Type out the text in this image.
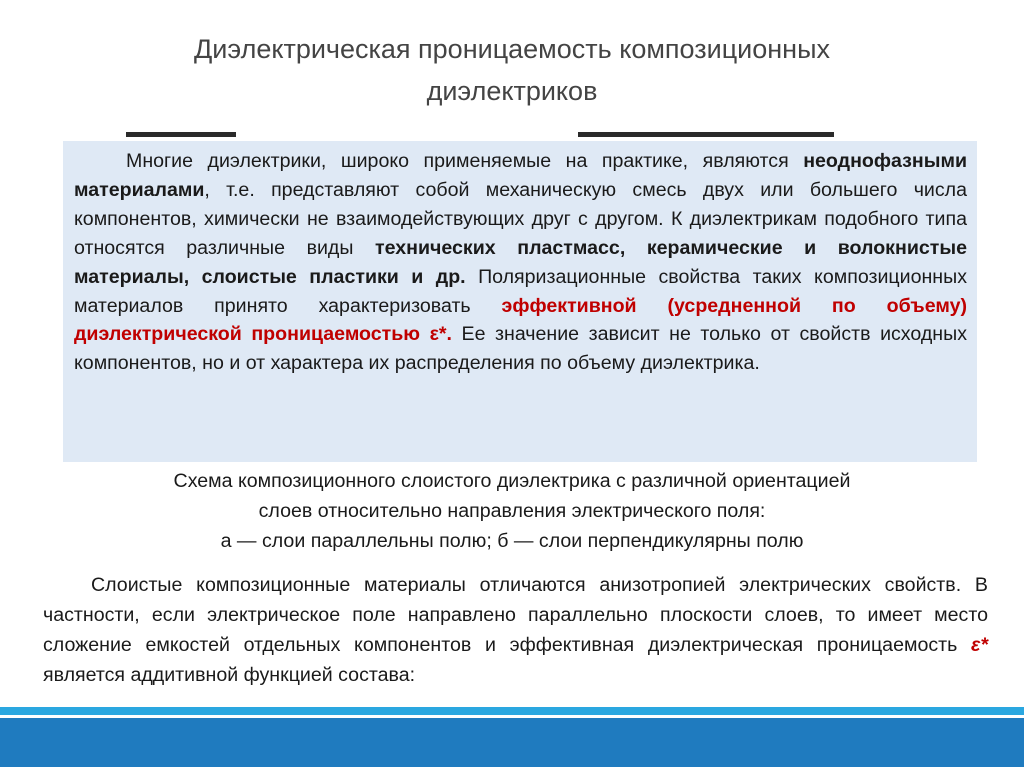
Диэлектрическая проницаемость композиционных
диэлектриков

Многие диэлектрики, широко применяемые на практике, являются неоднофазными материалами, т.е. представляют собой механическую смесь двух или большего числа компонентов, химически не взаимодействующих друг с другом. К диэлектрикам подобного типа относятся различные виды технических пластмасс, керамические и волокнистые материалы, слоистые пластики и др. Поляризационные свойства таких композиционных материалов принято характеризовать эффективной (усредненной по объему) диэлектрической проницаемостью ε*. Ее значение зависит не только от свойств исходных компонентов, но и от характера их распределения по объему диэлектрика.

Схема композиционного слоистого диэлектрика с различной ориентацией
слоев относительно направления электрического поля:
а — слои параллельны полю; б — слои перпендикулярны полю

Слоистые композиционные материалы отличаются анизотропией электрических свойств. В частности, если электрическое поле направлено параллельно плоскости слоев, то имеет место сложение емкостей отдельных компонентов и эффективная диэлектрическая проницаемость ε* является аддитивной функцией состава:
